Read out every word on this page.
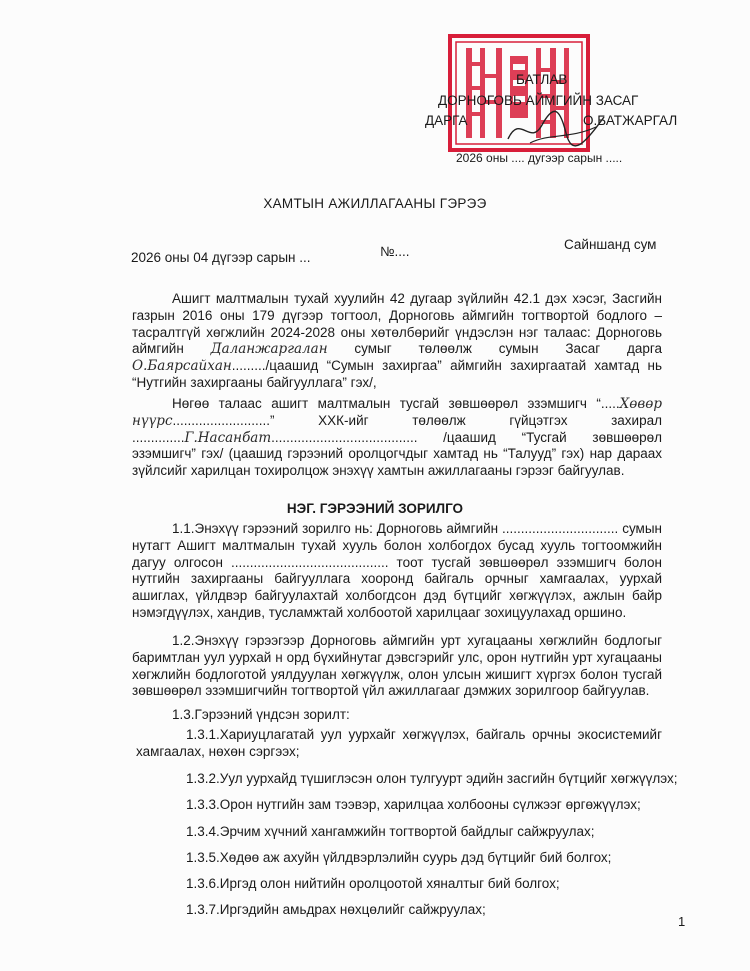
БАТЛАВ
ДОРНОГОВЬ АЙМГИЙН ЗАСАГ
ДАРГА	О.БАТЖАРГАЛ
2026 оны .... дугээр сарын .....
ХАМТЫН АЖИЛЛАГААНЫ ГЭРЭЭ
2026 оны 04 дүгээр сарын ...	№....	Сайншанд сум
Ашигт малтмалын тухай хуулийн 42 дугаар зүйлийн 42.1 дэх хэсэг, Засгийн газрын 2016 оны 179 дүгээр тогтоол, Дорноговь аймгийн тогтвортой бодлого – тасралтгүй хөгжлийн 2024-2028 оны хөтөлбөрийг үндэслэн нэг талаас: Дорноговь аймгийн Даланжаргалан сумыг төлөөлж сумын Засаг дарга О.Баярсайхан........./цаашид “Сумын захиргаа” аймгийн захиргаатай хамтад нь “Нутгийн захиргааны байгууллага” гэх/,
Нөгөө талаас ашигт малтмалын тусгай зөвшөөрөл эзэмшигч “.....Хөвөр нүүрс..........................” ХХК-ийг төлөөлж гүйцэтгэх захирал ..............Г.Насанбат....................................... /цаашид “Тусгай зөвшөөрөл эзэмшигч” гэх/ (цаашид гэрээний оролцогчдыг хамтад нь “Талууд” гэх) нар дараах зүйлсийг харилцан тохиролцож энэхүү хамтын ажиллагааны гэрээг байгуулав.
НЭГ. ГЭРЭЭНИЙ ЗОРИЛГО
1.1.Энэхүү гэрээний зорилго нь: Дорноговь аймгийн ............................... сумын нутагт Ашигт малтмалын тухай хууль болон холбогдох бусад хууль тогтоомжийн дагуу олгосон .......................................... тоот тусгай зөвшөөрөл эзэмшигч болон нутгийн захиргааны байгууллага хооронд байгаль орчныг хамгаалах, уурхай ашиглах, үйлдвэр байгуулахтай холбогдсон дэд бүтцийг хөгжүүлэх, ажлын байр нэмэгдүүлэх, хандив, тусламжтай холбоотой харилцааг зохицуулахад оршино.
1.2.Энэхүү гэрээгээр Дорноговь аймгийн урт хугацааны хөгжлийн бодлогыг баримтлан уул уурхай н орд бүхийнутаг дэвсгэрийг улс, орон нутгийн урт хугацааны хөгжлийн бодлоготой уялдуулан хөгжүүлж, олон улсын жишигт хүргэх болон тусгай зөвшөөрөл эзэмшигчийн тогтвортой үйл ажиллагааг дэмжих зорилгоор байгуулав.
1.3.Гэрээний үндсэн зорилт:
1.3.1.Хариуцлагатай уул уурхайг хөгжүүлэх, байгаль орчны экосистемийг хамгаалах, нөхөн сэргээх;
1.3.2.Уул уурхайд түшиглэсэн олон тулгуурт эдийн засгийн бүтцийг хөгжүүлэх;
1.3.3.Орон нутгийн зам тээвэр, харилцаа холбооны сүлжээг өргөжүүлэх;
1.3.4.Эрчим хүчний хангамжийн тогтвортой байдлыг сайжруулах;
1.3.5.Хөдөө аж ахуйн үйлдвэрлэлийн суурь дэд бүтцийг бий болгох;
1.3.6.Иргэд олон нийтийн оролцоотой хяналтыг бий болгох;
1.3.7.Иргэдийн амьдрах нөхцөлийг сайжруулах;
1
